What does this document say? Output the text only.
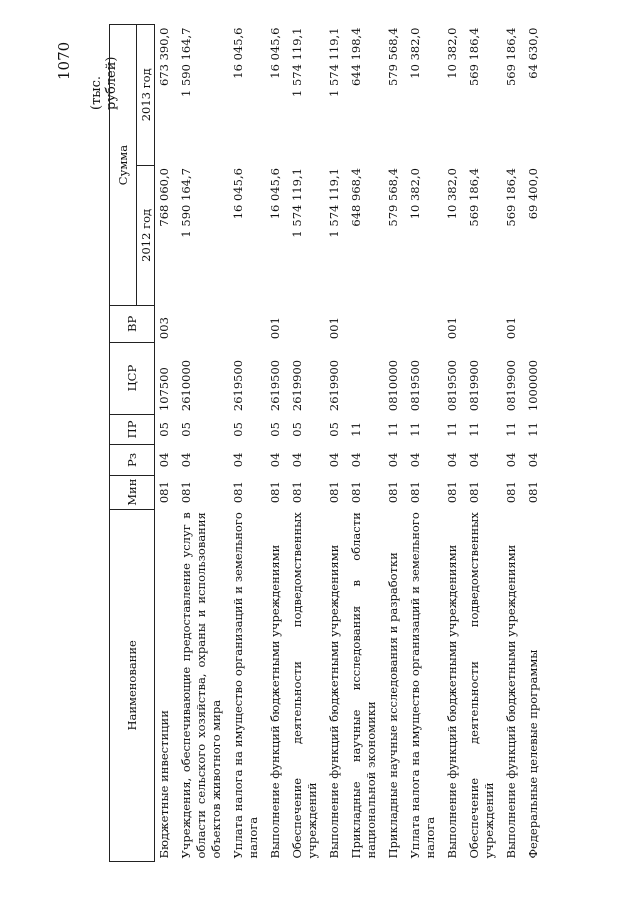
1070
(тыс. рублей)
Наименование	Мин	Рз	ПР	ЦСР	ВР	Сумма	
						2012 год	2013 год
Бюджетные инвестиции	081	04	05	107500	003	768 060,0	673 390,0
Учреждения, обеспечивающие предоставление услуг в области сельского хозяйства, охраны и использования объектов животного мира	081	04	05	2610000		1 590 164,7	1 590 164,7
Уплата налога на имущество организаций и земельного налога	081	04	05	2619500		16 045,6	16 045,6
Выполнение функций бюджетными учреждениями	081	04	05	2619500	001	16 045,6	16 045,6
Обеспечение деятельности подведомственных учреждений	081	04	05	2619900		1 574 119,1	1 574 119,1
Выполнение функций бюджетными учреждениями	081	04	05	2619900	001	1 574 119,1	1 574 119,1
Прикладные научные исследования в области национальной экономики	081	04	11			648 968,4	644 198,4
Прикладные научные исследования и разработки	081	04	11	0810000		579 568,4	579 568,4
Уплата налога на имущество организаций и земельного налога	081	04	11	0819500		10 382,0	10 382,0
Выполнение функций бюджетными учреждениями	081	04	11	0819500	001	10 382,0	10 382,0
Обеспечение деятельности подведомственных учреждений	081	04	11	0819900		569 186,4	569 186,4
Выполнение функций бюджетными учреждениями	081	04	11	0819900	001	569 186,4	569 186,4
Федеральные целевые программы	081	04	11	1000000		69 400,0	64 630,0
